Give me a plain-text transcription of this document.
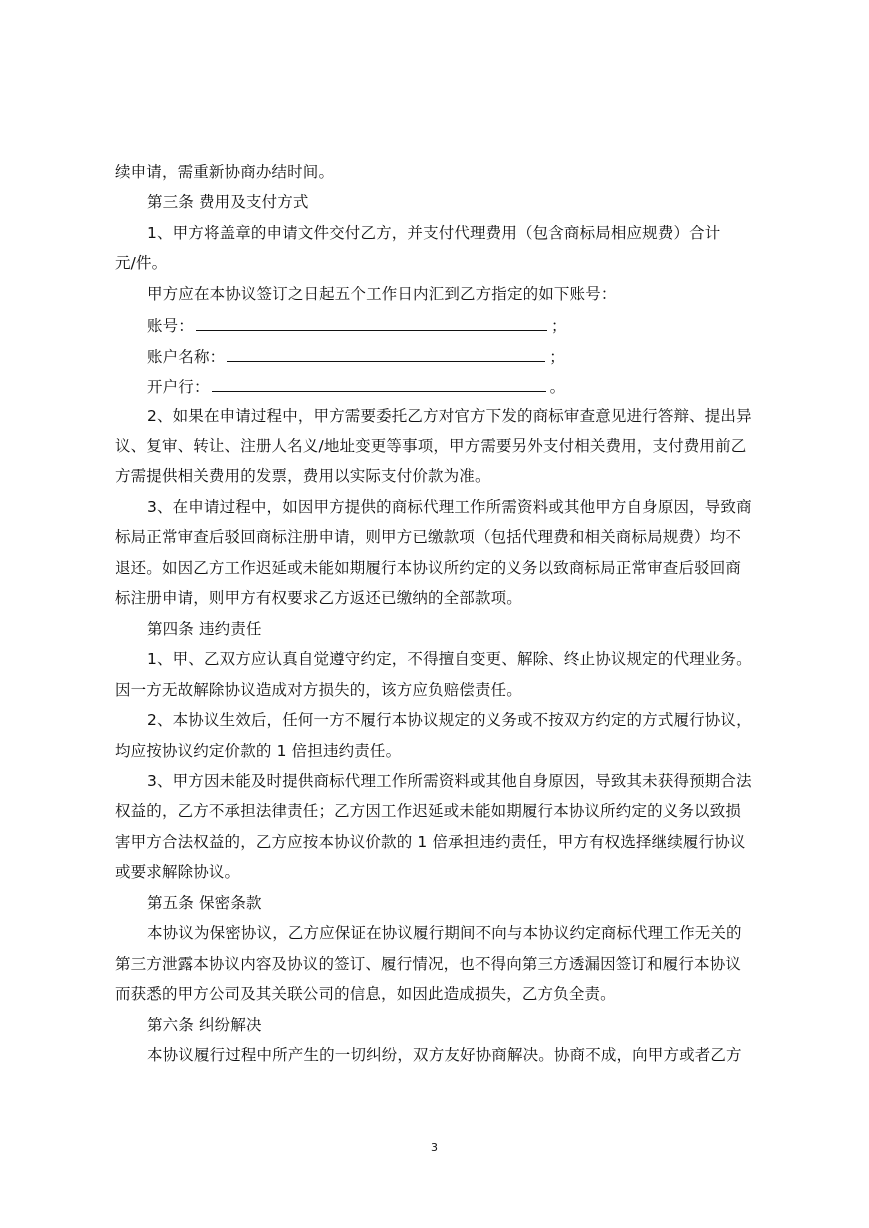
续申请，需重新协商办结时间。
第三条 费用及支付方式
1、甲方将盖章的申请文件交付乙方，并支付代理费用（包含商标局相应规费）合计
元/件。
甲方应在本协议签订之日起五个工作日内汇到乙方指定的如下账号：
账号：	；
账户名称：	；
开户行：	。
2、如果在申请过程中，甲方需要委托乙方对官方下发的商标审查意见进行答辩、提出异
议、复审、转让、注册人名义/地址变更等事项，甲方需要另外支付相关费用，支付费用前乙
方需提供相关费用的发票，费用以实际支付价款为准。
3、在申请过程中，如因甲方提供的商标代理工作所需资料或其他甲方自身原因，导致商
标局正常审查后驳回商标注册申请，则甲方已缴款项（包括代理费和相关商标局规费）均不
退还。如因乙方工作迟延或未能如期履行本协议所约定的义务以致商标局正常审查后驳回商
标注册申请，则甲方有权要求乙方返还已缴纳的全部款项。
第四条 违约责任
1、甲、乙双方应认真自觉遵守约定，不得擅自变更、解除、终止协议规定的代理业务。
因一方无故解除协议造成对方损失的，该方应负赔偿责任。
2、本协议生效后，任何一方不履行本协议规定的义务或不按双方约定的方式履行协议，
均应按协议约定价款的 1 倍担违约责任。
3、甲方因未能及时提供商标代理工作所需资料或其他自身原因，导致其未获得预期合法
权益的，乙方不承担法律责任；乙方因工作迟延或未能如期履行本协议所约定的义务以致损
害甲方合法权益的，乙方应按本协议价款的 1 倍承担违约责任，甲方有权选择继续履行协议
或要求解除协议。
第五条 保密条款
本协议为保密协议，乙方应保证在协议履行期间不向与本协议约定商标代理工作无关的
第三方泄露本协议内容及协议的签订、履行情况，也不得向第三方透漏因签订和履行本协议
而获悉的甲方公司及其关联公司的信息，如因此造成损失，乙方负全责。
第六条 纠纷解决
本协议履行过程中所产生的一切纠纷，双方友好协商解决。协商不成，向甲方或者乙方
3
